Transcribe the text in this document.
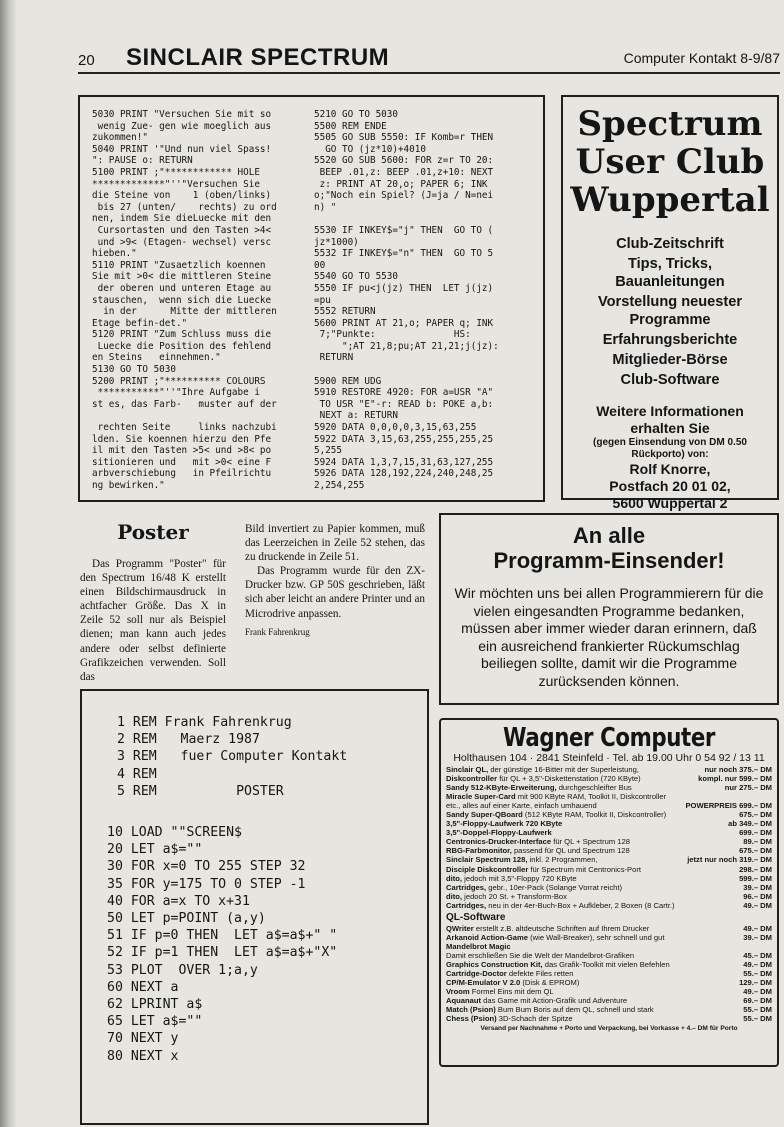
20 SINCLAIR SPECTRUM	Computer Kontakt 8-9/87
5030 PRINT "Versuchen Sie mit so
wenig Zue- gen wie moeglich aus
zukommen!"
5040 PRINT '"Und nun viel Spass!
": PAUSE o: RETURN
5100 PRINT ;"************ HOLE
*************"''"Versuchen Sie
die Steine von    1 (oben/links)
bis 27 (unten/    rechts) zu ord
nen, indem Sie dieLuecke mit den
Cursortasten und den Tasten >4<
und >9< (Etagen- wechsel) versc
hieben."
5110 PRINT "Zusaetzlich koennen
Sie mit >0< die mittleren Steine
der oberen und unteren Etage au
stauschen,  wenn sich die Luecke
in der      Mitte der mittleren
Etage befin-det."
5120 PRINT "Zum Schluss muss die
Luecke die Position des fehlend
en Steins   einnehmen."
5130 GO TO 5030
5200 PRINT ;"********** COLOURS
***********"''"Ihre Aufgabe i
st es, das Farb-   muster auf der

rechten Seite     links nachzubi
lden. Sie koennen hierzu den Pfe
il mit den Tasten >5< und >8< po
sitionieren und   mit >0< eine F
arbverschiebung   in Pfeilrichtu
ng bewirken."
5210 GO TO 5030
5500 REM ENDE
5505 GO SUB 5550: IF Komb=r THEN
GO TO (jz*10)+4010
5520 GO SUB 5600: FOR z=r TO 20:
BEEP .01,z: BEEP .01,z+10: NEXT
z: PRINT AT 20,o; PAPER 6; INK
o;"Noch ein Spiel? (J=ja / N=nei
n) "

5530 IF INKEY$="j" THEN  GO TO (
jz*1000)
5532 IF INKEY$="n" THEN  GO TO 5
00
5540 GO TO 5530
5550 IF pu<j(jz) THEN  LET j(jz)
=pu
5552 RETURN
5600 PRINT AT 21,o; PAPER q; INK
7;"Punkte:              HS:
";AT 21,8;pu;AT 21,21;j(jz):
RETURN

5900 REM UDG
5910 RESTORE 4920: FOR a=USR "A"
TO USR "E"-r: READ b: POKE a,b:
NEXT a: RETURN
5920 DATA 0,0,0,0,3,15,63,255
5922 DATA 3,15,63,255,255,255,25
5,255
5924 DATA 1,3,7,15,31,63,127,255
5926 DATA 128,192,224,240,248,25
2,254,255
Spectrum
User Club
Wuppertal
Club-Zeitschrift
Tips, Tricks,
Bauanleitungen
Vorstellung neuester
Programme
Erfahrungsberichte
Mitglieder-Börse
Club-Software
Weitere Informationen
erhalten Sie
(gegen Einsendung von DM 0.50 Rückporto) von:
Rolf Knorre,
Postfach 20 01 02,
5600 Wuppertal 2
Poster

Das Programm "Poster" für den Spectrum 16/48 K erstellt einen Bildschirmausdruck in achtfacher Größe. Das X in Zeile 52 soll nur als Beispiel dienen; man kann auch jedes andere oder selbst definierte Grafikzeichen verwenden. Soll das

Bild invertiert zu Papier kommen, muß das Leerzeichen in Zeile 52 stehen, das zu druckende in Zeile 51.

Das Programm wurde für den ZX-Drucker bzw. GP 50S geschrieben, läßt sich aber leicht an andere Printer und an Microdrive anpassen.

Frank Fahrenkrug
An alle
Programm-Einsender!
Wir möchten uns bei allen Programmierern für die vielen eingesandten Programme bedanken, müssen aber immer wieder daran erinnern, daß ein ausreichend frankierter Rückumschlag beiliegen sollte, damit wir die Programme zurücksenden können.
1 REM Frank Fahrenkrug
2 REM   Maerz 1987
3 REM   fuer Computer Kontakt
4 REM
5 REM          POSTER
10 LOAD ""SCREEN$
20 LET a$=""
30 FOR x=0 TO 255 STEP 32
35 FOR y=175 TO 0 STEP -1
40 FOR a=x TO x+31
50 LET p=POINT (a,y)
51 IF p=0 THEN  LET a$=a$+" "
52 IF p=1 THEN  LET a$=a$+"X"
53 PLOT  OVER 1;a,y
60 NEXT a
62 LPRINT a$
65 LET a$=""
70 NEXT y
80 NEXT x
Wagner Computer
Holthausen 104 · 2841 Steinfeld · Tel. ab 19.00 Uhr 0 54 92 / 13 11
Sinclair QL, der günstige 16-Bitter mit der Superleistung,	nur noch 375.– DM
Diskcontroller für QL + 3,5"-Diskettenstation (720 KByte)	kompl. nur 599.– DM
Sandy 512-KByte-Erweiterung, durchgeschleifter Bus	nur 275.– DM
Miracle Super-Card mit 900 KByte RAM, Toolkit II, Diskcontroller
etc., alles auf einer Karte, einfach umhauend	POWERPREIS 699.– DM
Sandy Super-QBoard (512 KByte RAM, Toolkit II, Diskcontroller)	675.– DM
3,5"-Floppy-Laufwerk 720 KByte	ab 349.– DM
3,5"-Doppel-Floppy-Laufwerk	699.– DM
Centronics-Drucker-Interface für QL + Spectrum 128	89.– DM
RBG-Farbmonitor, passend für QL und Spectrum 128	675.– DM
Sinclair Spectrum 128, inkl. 2 Programmen,	jetzt nur noch 319.– DM
Disciple Diskcontroller für Spectrum mit Centronics-Port	298.– DM
dito, jedoch mit 3,5"-Floppy 720 KByte	599.– DM
Cartridges, gebr., 10er-Pack (Solange Vorrat reicht)	39.– DM
dito, jedoch 20 St. + Transform-Box	96.– DM
Cartridges, neu in der 4er-Buch-Box + Aufkleber, 2 Boxen (8 Cartr.)	49.– DM
QL-Software
QWriter erstellt z.B. altdeutsche Schriften auf Ihrem Drucker	49.– DM
Arkanoid Action-Game (wie Wall-Breaker), sehr schnell und gut	39.– DM
Mandelbrot Magic
Damit erschließen Sie die Welt der Mandelbrot-Grafiken	45.– DM
Graphics Construction Kit, das Grafik-Toolkit mit vielen Befehlen	49.– DM
Cartridge-Doctor defekte Files retten	55.– DM
CP/M-Emulator V 2.0 (Disk & EPROM)	129.– DM
Vroom Formel Eins mit dem QL	49.– DM
Aquanaut das Game mit Action-Grafik und Adventure	69.– DM
Match (Psion) Bum Bum Boris auf dem QL, schnell und stark	55.– DM
Chess (Psion) 3D-Schach der Spitze	55.– DM
Versand per Nachnahme + Porto und Verpackung, bei Vorkasse + 4.– DM für Porto
